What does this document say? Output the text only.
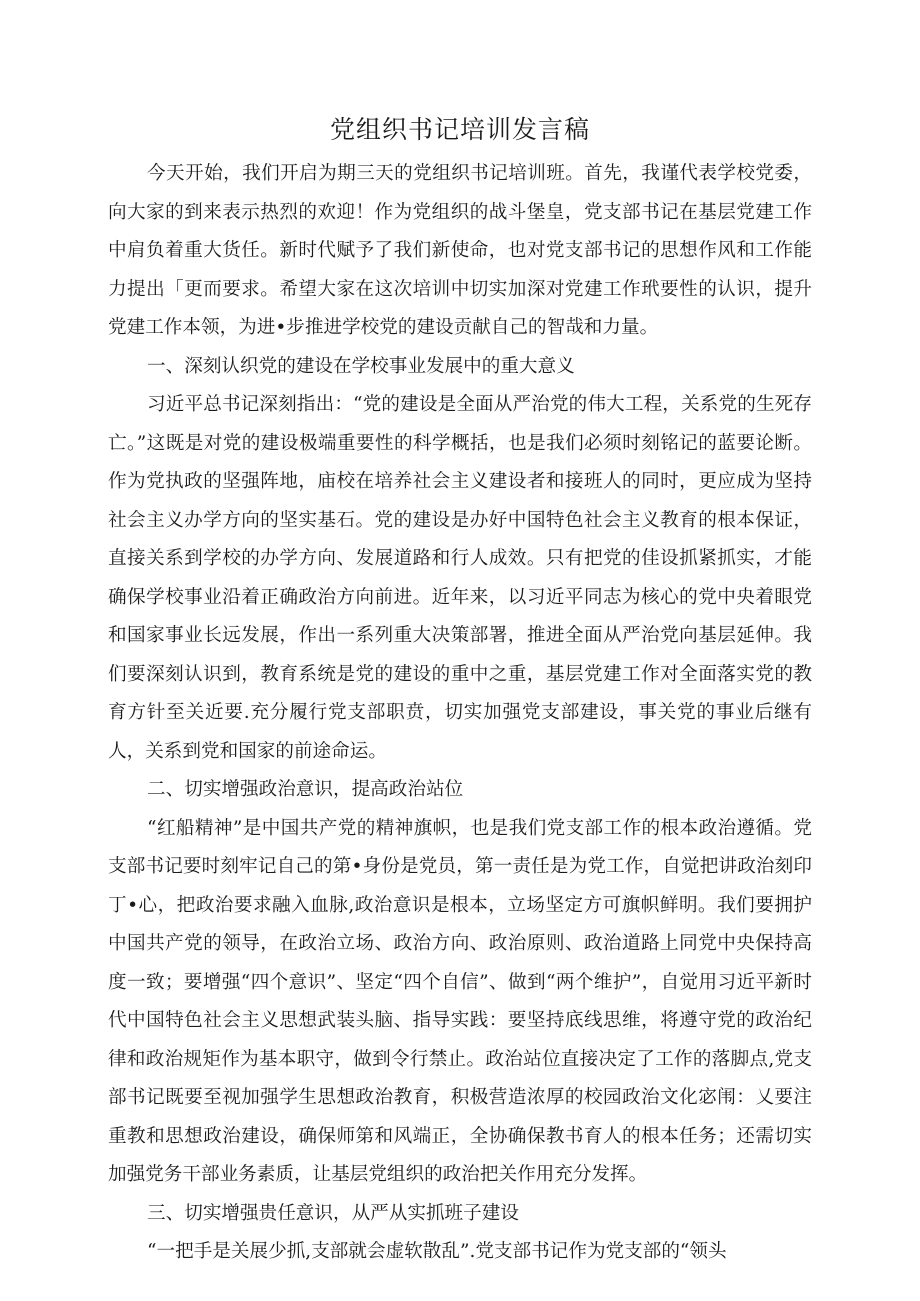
党组织书记培训发言稿

今天开始，我们开启为期三天的党组织书记培训班。首先，我谨代表学校党委，向大家的到来表示热烈的欢迎！作为党组织的战斗堡皇，党支部书记在基层党建工作中肩负着重大货任。新时代赋予了我们新使命，也对党支部书记的思想作风和工作能力提出「更而要求。希望大家在这次培训中切实加深对党建工作玳要性的认识，提升党建工作本领，为进•步推进学校党的建设贡献自己的智哉和力量。

一、深刻认织党的建设在学校事业发展中的重大意义

习近平总书记深刻指出：“党的建设是全面从严治党的伟大工程，关系党的生死存亡。”这既是对党的建设极端重要性的科学概括，也是我们必须时刻铭记的蓝要论断。作为党执政的坚强阵地，庙校在培养社会主义建设者和接班人的同时，更应成为坚持社会主义办学方向的坚实基石。党的建设是办好中国特色社会主义教育的根本保证，直接关系到学校的办学方向、发展道路和行人成效。只有把党的佳设抓紧抓实，才能确保学校事业沿着正确政治方向前进。近年来，以习近平同志为核心的党中央着眼党和国家事业长远发展，作出一系列重大决策部署，推进全面从严治党向基层延伸。我们要深刻认识到，教育系统是党的建设的重中之重，基层党建工作对全面落实党的教育方针至关近要.充分履行党支部职贲，切实加强党支部建设，事关党的事业后继有人，关系到党和国家的前途命运。

二、切实增强政治意识，提高政治站位

“红船精神”是中国共产党的精神旗帜，也是我们党支部工作的根本政治遵循。党支部书记要时刻牢记自己的第•身份是党员，第一责任是为党工作，自觉把讲政治刻印丁•心，把政治要求融入血脉,政治意识是根本，立场坚定方可旗帜鲜明。我们要拥护中国共产党的领导，在政治立场、政治方向、政治原则、政治道路上同党中央保持高度一致；要增强“四个意识”、坚定“四个自信”、做到“两个维护”，自觉用习近平新时代中国特色社会主义思想武装头脑、指导实践：要坚持底线思维，将遵守党的政治纪律和政治规矩作为基本职守，做到令行禁止。政治站位直接决定了工作的落脚点,党支部书记既要至视加强学生思想政治教育，积极营造浓厚的校园政治文化宓闱：乂要注重教和思想政治建设，确保师第和风端正，全协确保教书育人的根本任务；还需切实加强党务干部业务素质，让基层党组织的政治把关作用充分发挥。

三、切实增强贵任意识，从严从实抓班子建设

“一把手是关展少抓,支部就会虚软散乱”.党支部书记作为党支部的“领头
